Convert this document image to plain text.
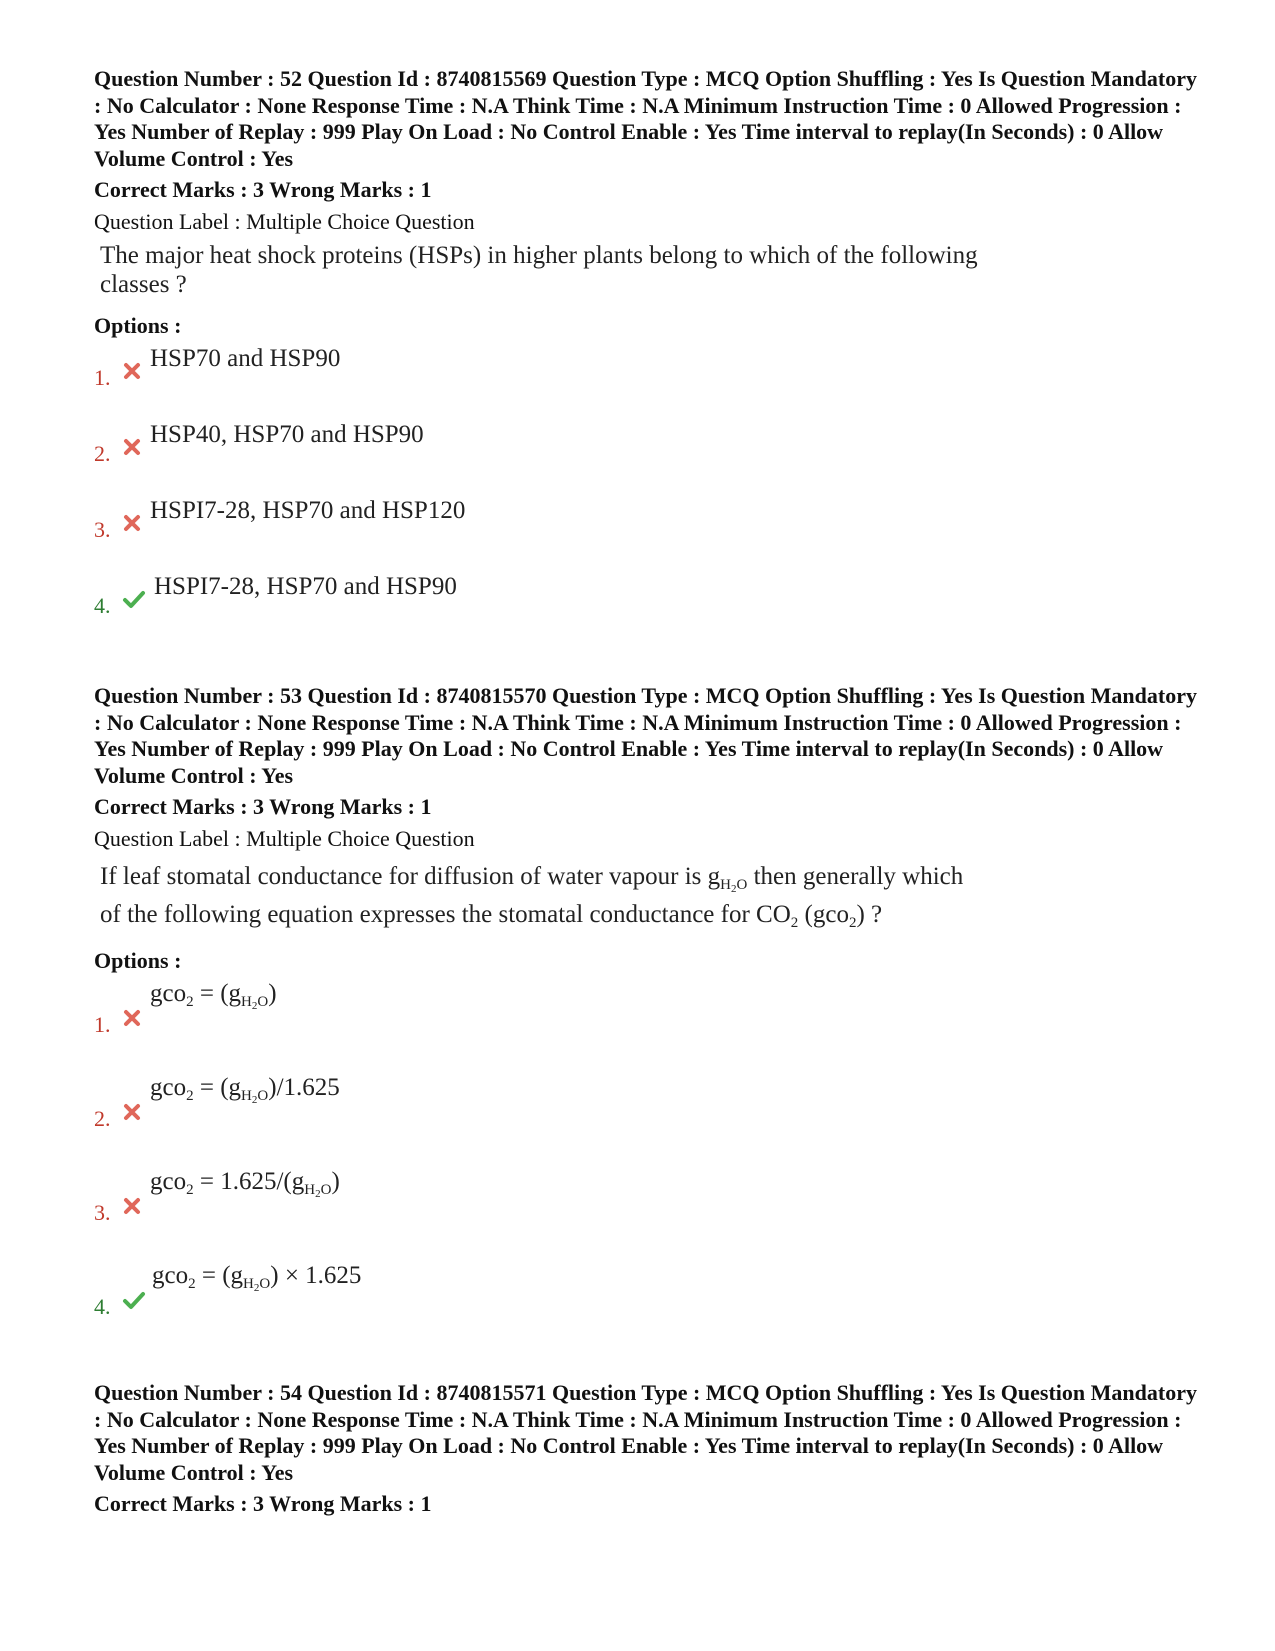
Question Number : 52 Question Id : 8740815569 Question Type : MCQ Option Shuffling : Yes Is Question Mandatory : No Calculator : None Response Time : N.A Think Time : N.A Minimum Instruction Time : 0 Allowed Progression : Yes Number of Replay : 999 Play On Load : No Control Enable : Yes Time interval to replay(In Seconds) : 0 Allow Volume Control : Yes

Correct Marks : 3 Wrong Marks : 1
Question Label : Multiple Choice Question
The major heat shock proteins (HSPs) in higher plants belong to which of the following classes ?
Options :
1.
HSP70 and HSP90
2.
HSP40, HSP70 and HSP90
3.
HSPI7-28, HSP70 and HSP120
4.
HSPI7-28, HSP70 and HSP90

Question Number : 53 Question Id : 8740815570 Question Type : MCQ Option Shuffling : Yes Is Question Mandatory : No Calculator : None Response Time : N.A Think Time : N.A Minimum Instruction Time : 0 Allowed Progression : Yes Number of Replay : 999 Play On Load : No Control Enable : Yes Time interval to replay(In Seconds) : 0 Allow Volume Control : Yes

Correct Marks : 3 Wrong Marks : 1
Question Label : Multiple Choice Question
If leaf stomatal conductance for diffusion of water vapour is $g_{H_2O}$ then generally which
of the following equation expresses the stomatal conductance for $CO_2$ (gco$_2$) ?
Options :
1.
$gco_2 = (g_{H_2O})$
2.
$gco_2 = (g_{H_2O})/1.625$
3.
$gco_2 = 1.625/(g_{H_2O})$
4.
$gco_2 = (g_{H_2O}) \times 1.625$

Question Number : 54 Question Id : 8740815571 Question Type : MCQ Option Shuffling : Yes Is Question Mandatory : No Calculator : None Response Time : N.A Think Time : N.A Minimum Instruction Time : 0 Allowed Progression : Yes Number of Replay : 999 Play On Load : No Control Enable : Yes Time interval to replay(In Seconds) : 0 Allow Volume Control : Yes

Correct Marks : 3 Wrong Marks : 1
